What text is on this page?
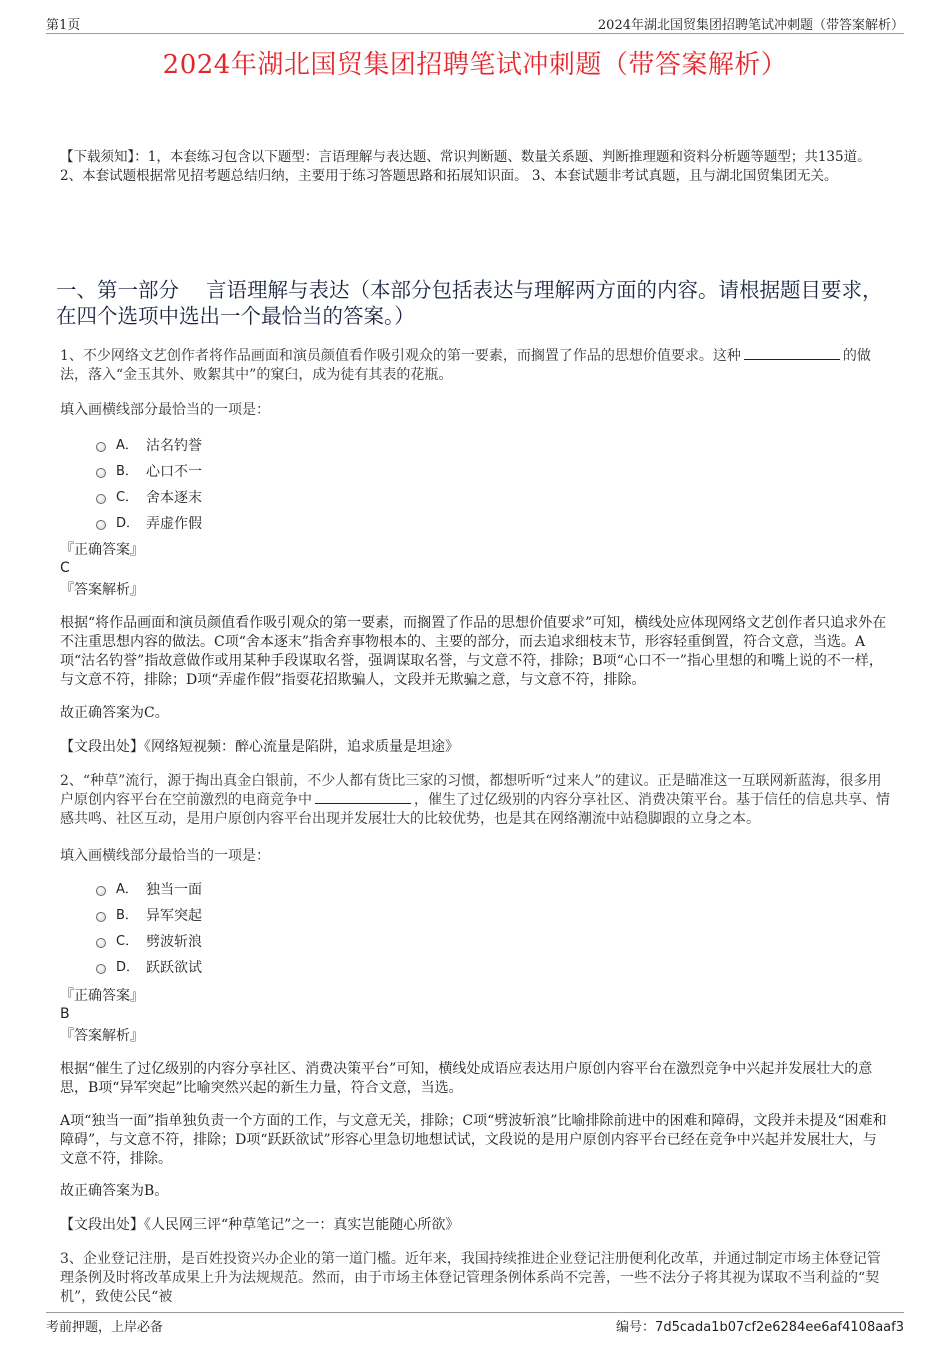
第1页	2024年湖北国贸集团招聘笔试冲刺题（带答案解析）
2024年湖北国贸集团招聘笔试冲刺题（带答案解析）
【下载须知】：1，本套练习包含以下题型：言语理解与表达题、常识判断题、数量关系题、判断推理题和资料分析题等题型；共135道。 2、本套试题根据常见招考题总结归纳，主要用于练习答题思路和拓展知识面。 3、本套试题非考试真题，且与湖北国贸集团无关。
一、第一部分　 言语理解与表达（本部分包括表达与理解两方面的内容。请根据题目要求，在四个选项中选出一个最恰当的答案。）
1、不少网络文艺创作者将作品画面和演员颜值看作吸引观众的第一要素，而搁置了作品的思想价值要求。这种	的做法，落入“金玉其外、败絮其中”的窠臼，成为徒有其表的花瓶。
填入画横线部分最恰当的一项是：
A． 沽名钓誉
B． 心口不一
C． 舍本逐末
D． 弄虚作假
『正确答案』
C
『答案解析』
根据“将作品画面和演员颜值看作吸引观众的第一要素，而搁置了作品的思想价值要求”可知，横线处应体现网络文艺创作者只追求外在不注重思想内容的做法。C项“舍本逐末”指舍弃事物根本的、主要的部分，而去追求细枝末节，形容轻重倒置，符合文意，当选。A项“沽名钓誉”指故意做作或用某种手段谋取名誉，强调谋取名誉，与文意不符，排除；B项“心口不一”指心里想的和嘴上说的不一样，与文意不符，排除；D项“弄虚作假”指耍花招欺骗人，文段并无欺骗之意，与文意不符，排除。
故正确答案为C。
【文段出处】《网络短视频：醉心流量是陷阱，追求质量是坦途》
2、“种草”流行，源于掏出真金白银前，不少人都有货比三家的习惯，都想听听“过来人”的建议。正是瞄准这一互联网新蓝海，很多用户原创内容平台在空前激烈的电商竞争中	，催生了过亿级别的内容分享社区、消费决策平台。基于信任的信息共享、情感共鸣、社区互动，是用户原创内容平台出现并发展壮大的比较优势，也是其在网络潮流中站稳脚跟的立身之本。
填入画横线部分最恰当的一项是：
A． 独当一面
B． 异军突起
C． 劈波斩浪
D． 跃跃欲试
『正确答案』
B
『答案解析』
根据“催生了过亿级别的内容分享社区、消费决策平台”可知，横线处成语应表达用户原创内容平台在激烈竞争中兴起并发展壮大的意思，B项“异军突起”比喻突然兴起的新生力量，符合文意，当选。
A项“独当一面”指单独负责一个方面的工作，与文意无关，排除；C项“劈波斩浪”比喻排除前进中的困难和障碍，文段并未提及“困难和障碍”，与文意不符，排除；D项“跃跃欲试”形容心里急切地想试试，文段说的是用户原创内容平台已经在竞争中兴起并发展壮大，与文意不符，排除。
故正确答案为B。
【文段出处】《人民网三评“种草笔记”之一：真实岂能随心所欲》
3、企业登记注册，是百姓投资兴办企业的第一道门槛。近年来，我国持续推进企业登记注册便利化改革，并通过制定市场主体登记管理条例及时将改革成果上升为法规规范。然而，由于市场主体登记管理条例体系尚不完善，一些不法分子将其视为谋取不当利益的“契机”，致使公民“被
考前押题，上岸必备	编号：7d5cada1b07cf2e6284ee6af4108aaf3
